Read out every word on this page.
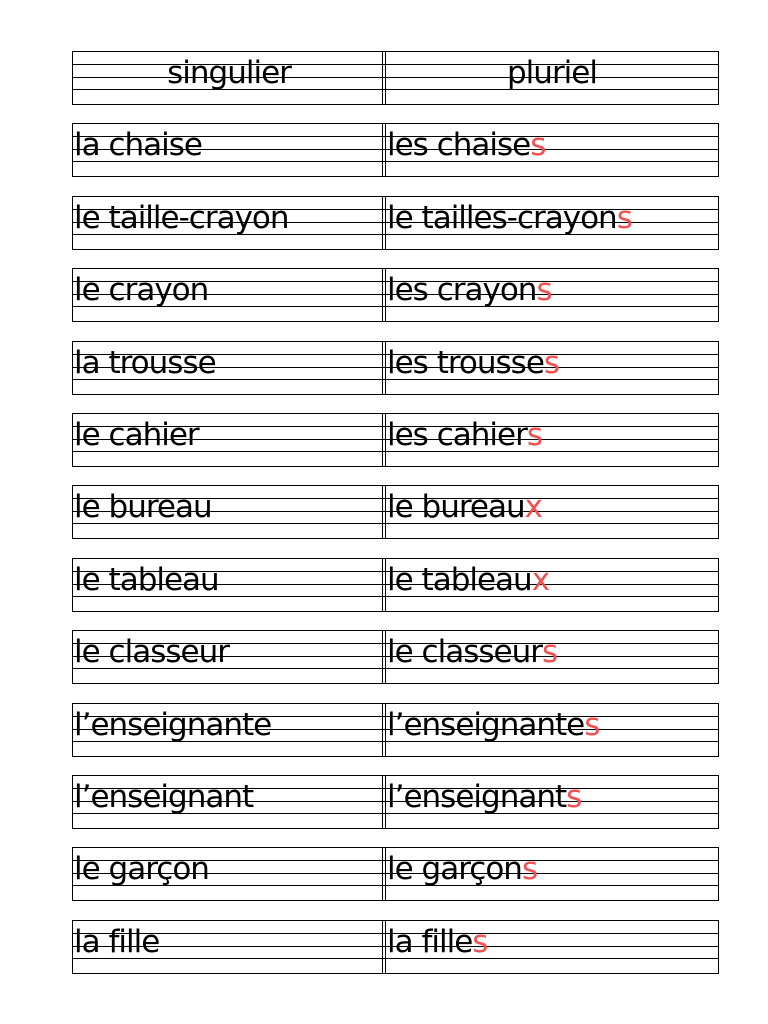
singulier	pluriel
la chaise	les chaises
le taille-crayon	le tailles-crayons
le crayon	les crayons
la trousse	les trousses
le cahier	les cahiers
le bureau	le bureaux
le tableau	le tableaux
le classeur	le classeurs
l’enseignante	l’enseignantes
l’enseignant	l’enseignants
le garçon	le garçons
la fille	la filles
